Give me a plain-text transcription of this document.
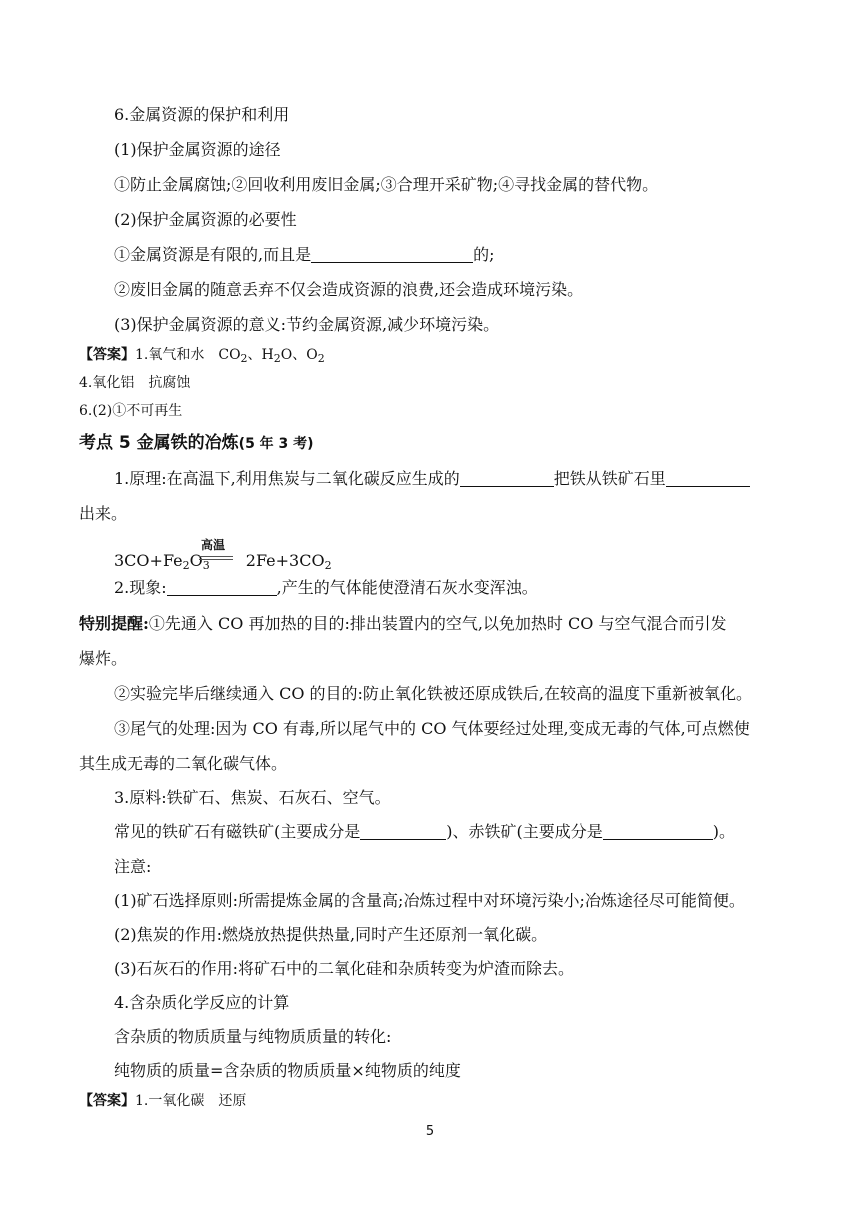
6.金属资源的保护和利用
(1)保护金属资源的途径
①防止金属腐蚀;②回收利用废旧金属;③合理开采矿物;④寻找金属的替代物。
(2)保护金属资源的必要性
①金属资源是有限的,而且是	的;
②废旧金属的随意丢弃不仅会造成资源的浪费,还会造成环境污染。
(3)保护金属资源的意义:节约金属资源,减少环境污染。
【答案】1.氧气和水　$CO_2$、$H_2O$、$O_2$
4.氧化铝　抗腐蚀
6.(2)①不可再生
考点 5 金属铁的冶炼(5 年 3 考)
1.原理:在高温下,利用焦炭与二氧化碳反应生成的	把铁从铁矿石里
出来。
$3CO+Fe_2O_3$ $2Fe+3CO_2$
高温
2.现象:	,产生的气体能使澄清石灰水变浑浊。
特别提醒:①先通入 CO 再加热的目的:排出装置内的空气,以免加热时 CO 与空气混合而引发
爆炸。
②实验完毕后继续通入 CO 的目的:防止氧化铁被还原成铁后,在较高的温度下重新被氧化。
③尾气的处理:因为 CO 有毒,所以尾气中的 CO 气体要经过处理,变成无毒的气体,可点燃使
其生成无毒的二氧化碳气体。
3.原料:铁矿石、焦炭、石灰石、空气。
常见的铁矿石有磁铁矿(主要成分是	)、赤铁矿(主要成分是	)。
注意:
(1)矿石选择原则:所需提炼金属的含量高;冶炼过程中对环境污染小;冶炼途径尽可能简便。
(2)焦炭的作用:燃烧放热提供热量,同时产生还原剂一氧化碳。
(3)石灰石的作用:将矿石中的二氧化硅和杂质转变为炉渣而除去。
4.含杂质化学反应的计算
含杂质的物质质量与纯物质质量的转化:
纯物质的质量=含杂质的物质质量×纯物质的纯度
【答案】1.一氧化碳　还原
5
